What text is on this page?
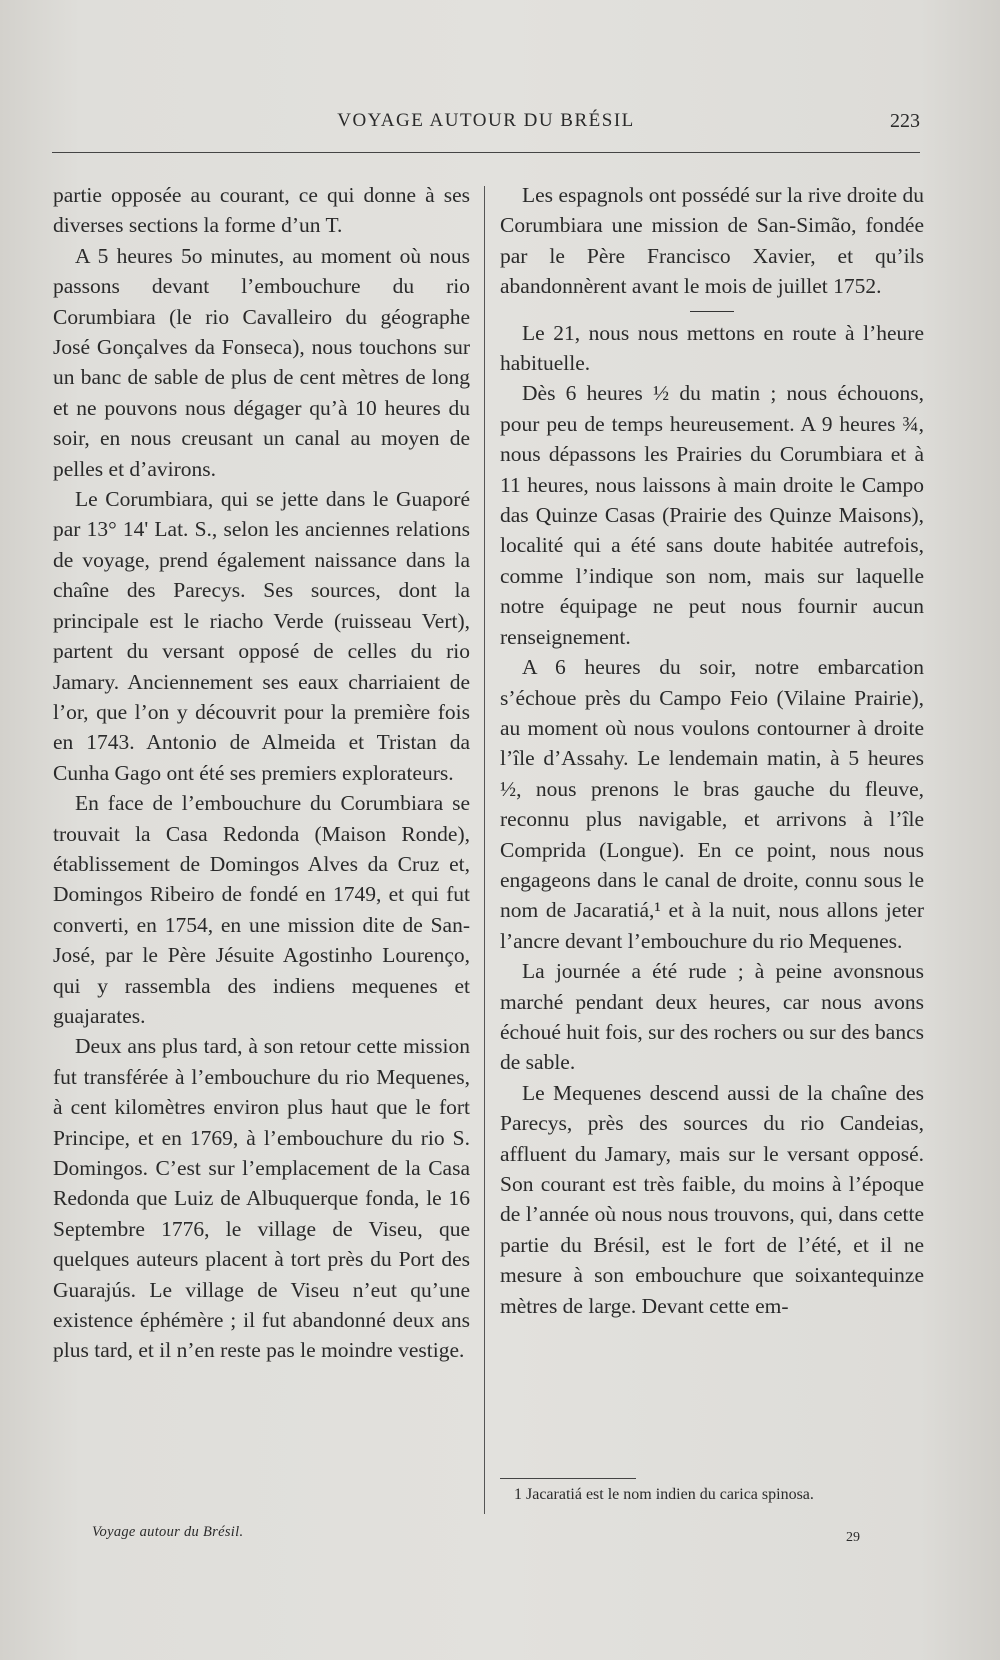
VOYAGE AUTOUR DU BRÉSIL	223

partie opposée au courant, ce qui donne à ses diverses sections la forme d’un T.

A 5 heures 5o minutes, au moment où nous passons devant l’embouchure du rio Corumbiara (le rio Cavalleiro du géographe José Gonçalves da Fonseca), nous touchons sur un banc de sable de plus de cent mètres de long et ne pouvons nous dégager qu’à 10 heures du soir, en nous creusant un canal au moyen de pelles et d’avirons.

Le Corumbiara, qui se jette dans le Guaporé par 13° 14' Lat. S., selon les anciennes relations de voyage, prend également naissance dans la chaîne des Parecys. Ses sources, dont la principale est le riacho Verde (ruisseau Vert), partent du versant opposé de celles du rio Jamary. Anciennement ses eaux charriaient de l’or, que l’on y découvrit pour la première fois en 1743. Antonio de Almeida et Tristan da Cunha Gago ont été ses premiers explorateurs.

En face de l’embouchure du Corumbiara se trouvait la Casa Redonda (Maison Ronde), établissement de Domingos Alves da Cruz et, Domingos Ribeiro de fondé en 1749, et qui fut converti, en 1754, en une mission dite de San-José, par le Père Jésuite Agostinho Lourenço, qui y rassembla des indiens mequenes et guajarates.

Deux ans plus tard, à son retour cette mission fut transférée à l’embouchure du rio Mequenes, à cent kilomètres environ plus haut que le fort Principe, et en 1769, à l’embouchure du rio S. Domingos. C’est sur l’emplacement de la Casa Redonda que Luiz de Albuquerque fonda, le 16 Septembre 1776, le village de Viseu, que quelques auteurs placent à tort près du Port des Guarajús. Le village de Viseu n’eut qu’une existence éphémère ; il fut abandonné deux ans plus tard, et il n’en reste pas le moindre vestige.

Les espagnols ont possédé sur la rive droite du Corumbiara une mission de San-Simão, fondée par le Père Francisco Xavier, et qu’ils abandonnèrent avant le mois de juillet 1752.

Le 21, nous nous mettons en route à l’heure habituelle.

Dès 6 heures ½ du matin ; nous échouons, pour peu de temps heureusement. A 9 heures ¾, nous dépassons les Prairies du Corumbiara et à 11 heures, nous laissons à main droite le Campo das Quinze Casas (Prairie des Quinze Maisons), localité qui a été sans doute habitée autrefois, comme l’indique son nom, mais sur laquelle notre équipage ne peut nous fournir aucun renseignement.

A 6 heures du soir, notre embarcation s’échoue près du Campo Feio (Vilaine Prairie), au moment où nous voulons contourner à droite l’île d’Assahy. Le lendemain matin, à 5 heures ½, nous prenons le bras gauche du fleuve, reconnu plus navigable, et arrivons à l’île Comprida (Longue). En ce point, nous nous engageons dans le canal de droite, connu sous le nom de Jacaratiá,¹ et à la nuit, nous allons jeter l’ancre devant l’embouchure du rio Mequenes.

La journée a été rude ; à peine avonsnous marché pendant deux heures, car nous avons échoué huit fois, sur des rochers ou sur des bancs de sable.

Le Mequenes descend aussi de la chaîne des Parecys, près des sources du rio Candeias, affluent du Jamary, mais sur le versant opposé. Son courant est très faible, du moins à l’époque de l’année où nous nous trouvons, qui, dans cette partie du Brésil, est le fort de l’été, et il ne mesure à son embouchure que soixantequinze mètres de large. Devant cette em-

1 Jacaratiá est le nom indien du carica spinosa.

Voyage autour du Brésil.	29
